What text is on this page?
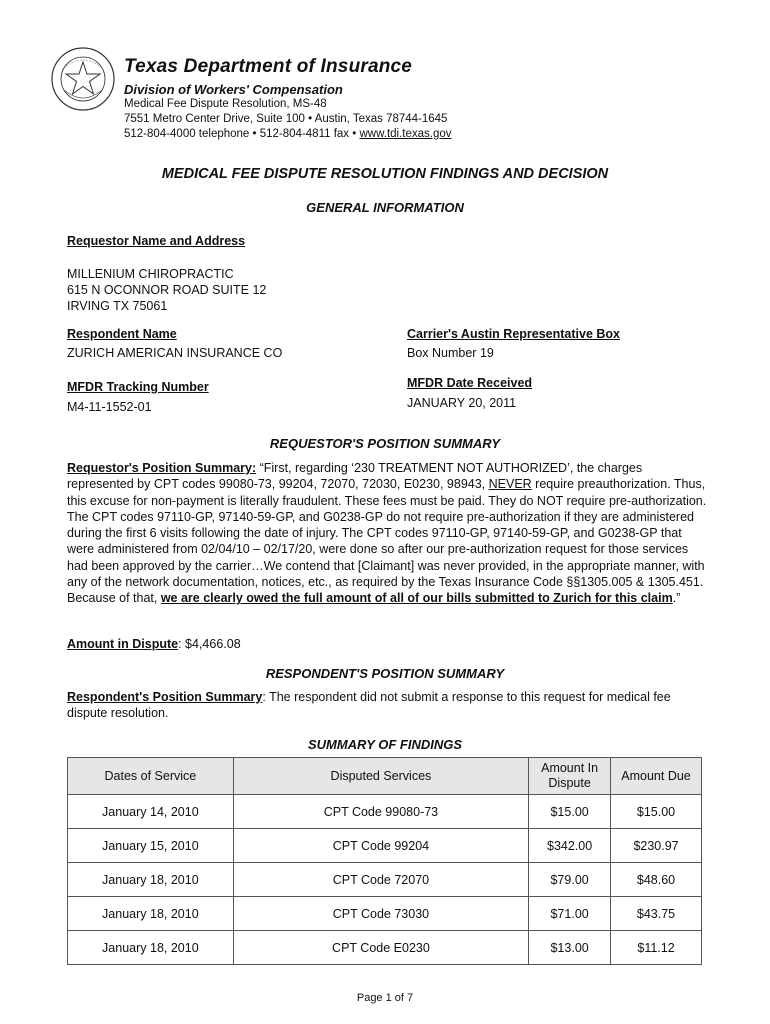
Texas Department of Insurance
Division of Workers' Compensation
Medical Fee Dispute Resolution, MS-48
7551 Metro Center Drive, Suite 100 • Austin, Texas 78744-1645
512-804-4000 telephone • 512-804-4811 fax • www.tdi.texas.gov
MEDICAL FEE DISPUTE RESOLUTION FINDINGS AND DECISION
GENERAL INFORMATION
Requestor Name and Address
MILLENIUM CHIROPRACTIC
615 N OCONNOR ROAD SUITE 12
IRVING TX 75061
Respondent Name
ZURICH AMERICAN INSURANCE CO
Carrier's Austin Representative Box
Box Number 19
MFDR Tracking Number
M4-11-1552-01
MFDR Date Received
JANUARY 20, 2011
REQUESTOR'S POSITION SUMMARY
Requestor's Position Summary: “First, regarding ‘230 TREATMENT NOT AUTHORIZED’, the charges represented by CPT codes 99080-73, 99204, 72070, 72030, E0230, 98943, NEVER require preauthorization. Thus, this excuse for non-payment is literally fraudulent. These fees must be paid. They do NOT require pre-authorization. The CPT codes 97110-GP, 97140-59-GP, and G0238-GP do not require pre-authorization if they are administered during the first 6 visits following the date of injury. The CPT codes 97110-GP, 97140-59-GP, and G0238-GP that were administered from 02/04/10 – 02/17/20, were done so after our pre-authorization request for those services had been approved by the carrier…We contend that [Claimant] was never provided, in the appropriate manner, with any of the network documentation, notices, etc., as required by the Texas Insurance Code §§1305.005 & 1305.451. Because of that, we are clearly owed the full amount of all of our bills submitted to Zurich for this claim.”
Amount in Dispute: $4,466.08
RESPONDENT'S POSITION SUMMARY
Respondent's Position Summary: The respondent did not submit a response to this request for medical fee dispute resolution.
SUMMARY OF FINDINGS
Dates of Service	Disputed Services	Amount In Dispute	Amount Due
January 14, 2010	CPT Code 99080-73	$15.00	$15.00
January 15, 2010	CPT Code 99204	$342.00	$230.97
January 18, 2010	CPT Code 72070	$79.00	$48.60
January 18, 2010	CPT Code 73030	$71.00	$43.75
January 18, 2010	CPT Code E0230	$13.00	$11.12
Page 1 of 7
